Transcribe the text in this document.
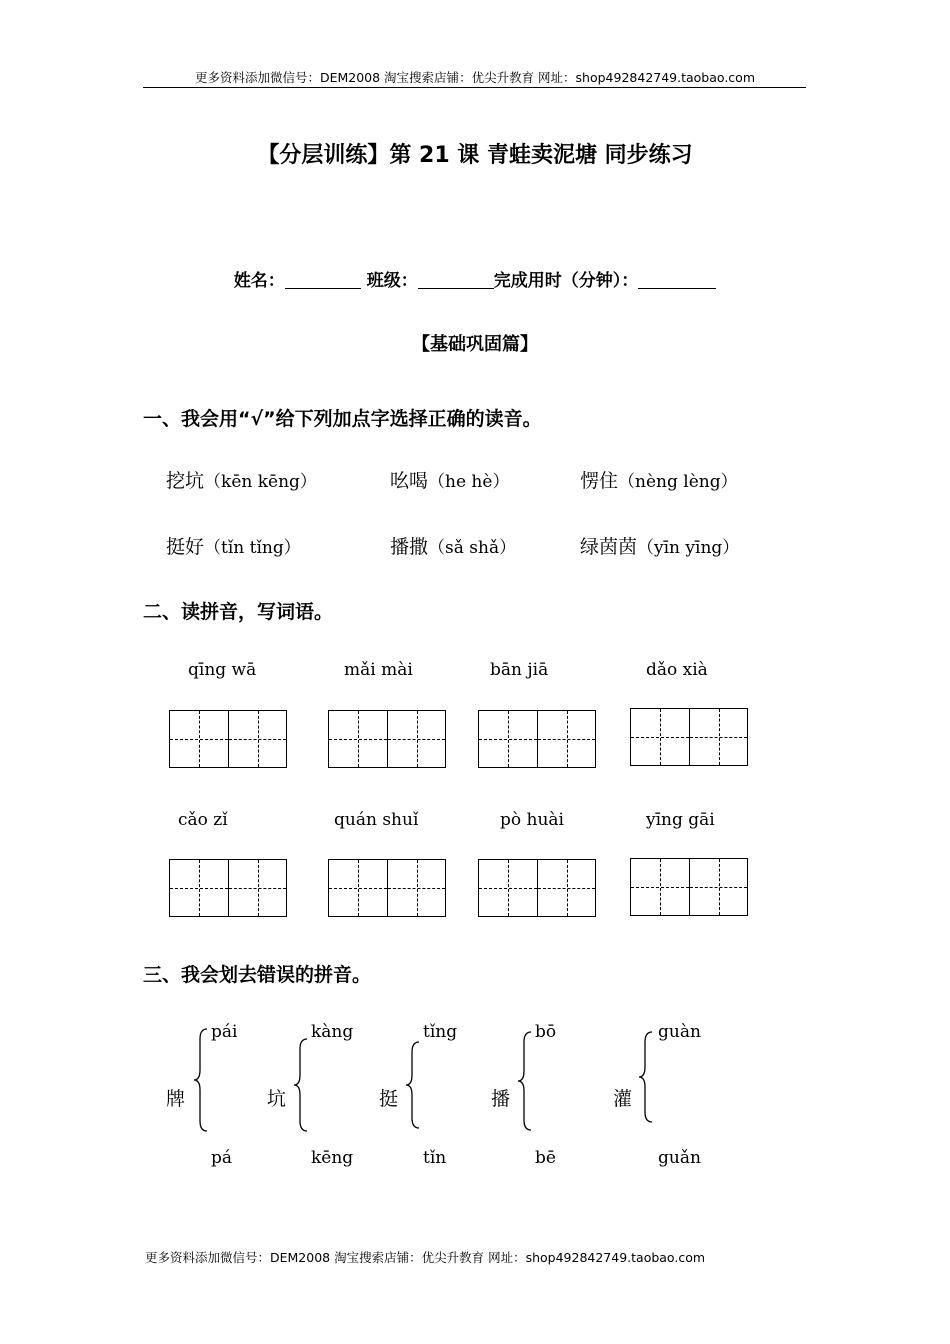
更多资料添加微信号：DEM2008 淘宝搜索店铺：优尖升教育 网址：shop492842749.taobao.com
【分层训练】第 21 课 青蛙卖泥塘 同步练习
姓名：	班级：	完成用时（分钟）：
【基础巩固篇】
一、我会用“√”给下列加点字选择正确的读音。
挖坑（kēn kēng）	吆喝（he hè）	愣住（nèng lèng）
挺好（tǐn tǐng）	播撒（sǎ shǎ）	绿茵茵（yīn yīng）
二、读拼音，写词语。
qīng wā	mǎi mài	bān jiā	dǎo xià
cǎo zǐ	quán shuǐ	pò huài	yīng gāi
三、我会划去错误的拼音。
牌
pái
pá
坑
kàng
kēng
挺
tǐng
tǐn
播
bō
bē
灌
guàn
guǎn
更多资料添加微信号：DEM2008 淘宝搜索店铺：优尖升教育 网址：shop492842749.taobao.com
